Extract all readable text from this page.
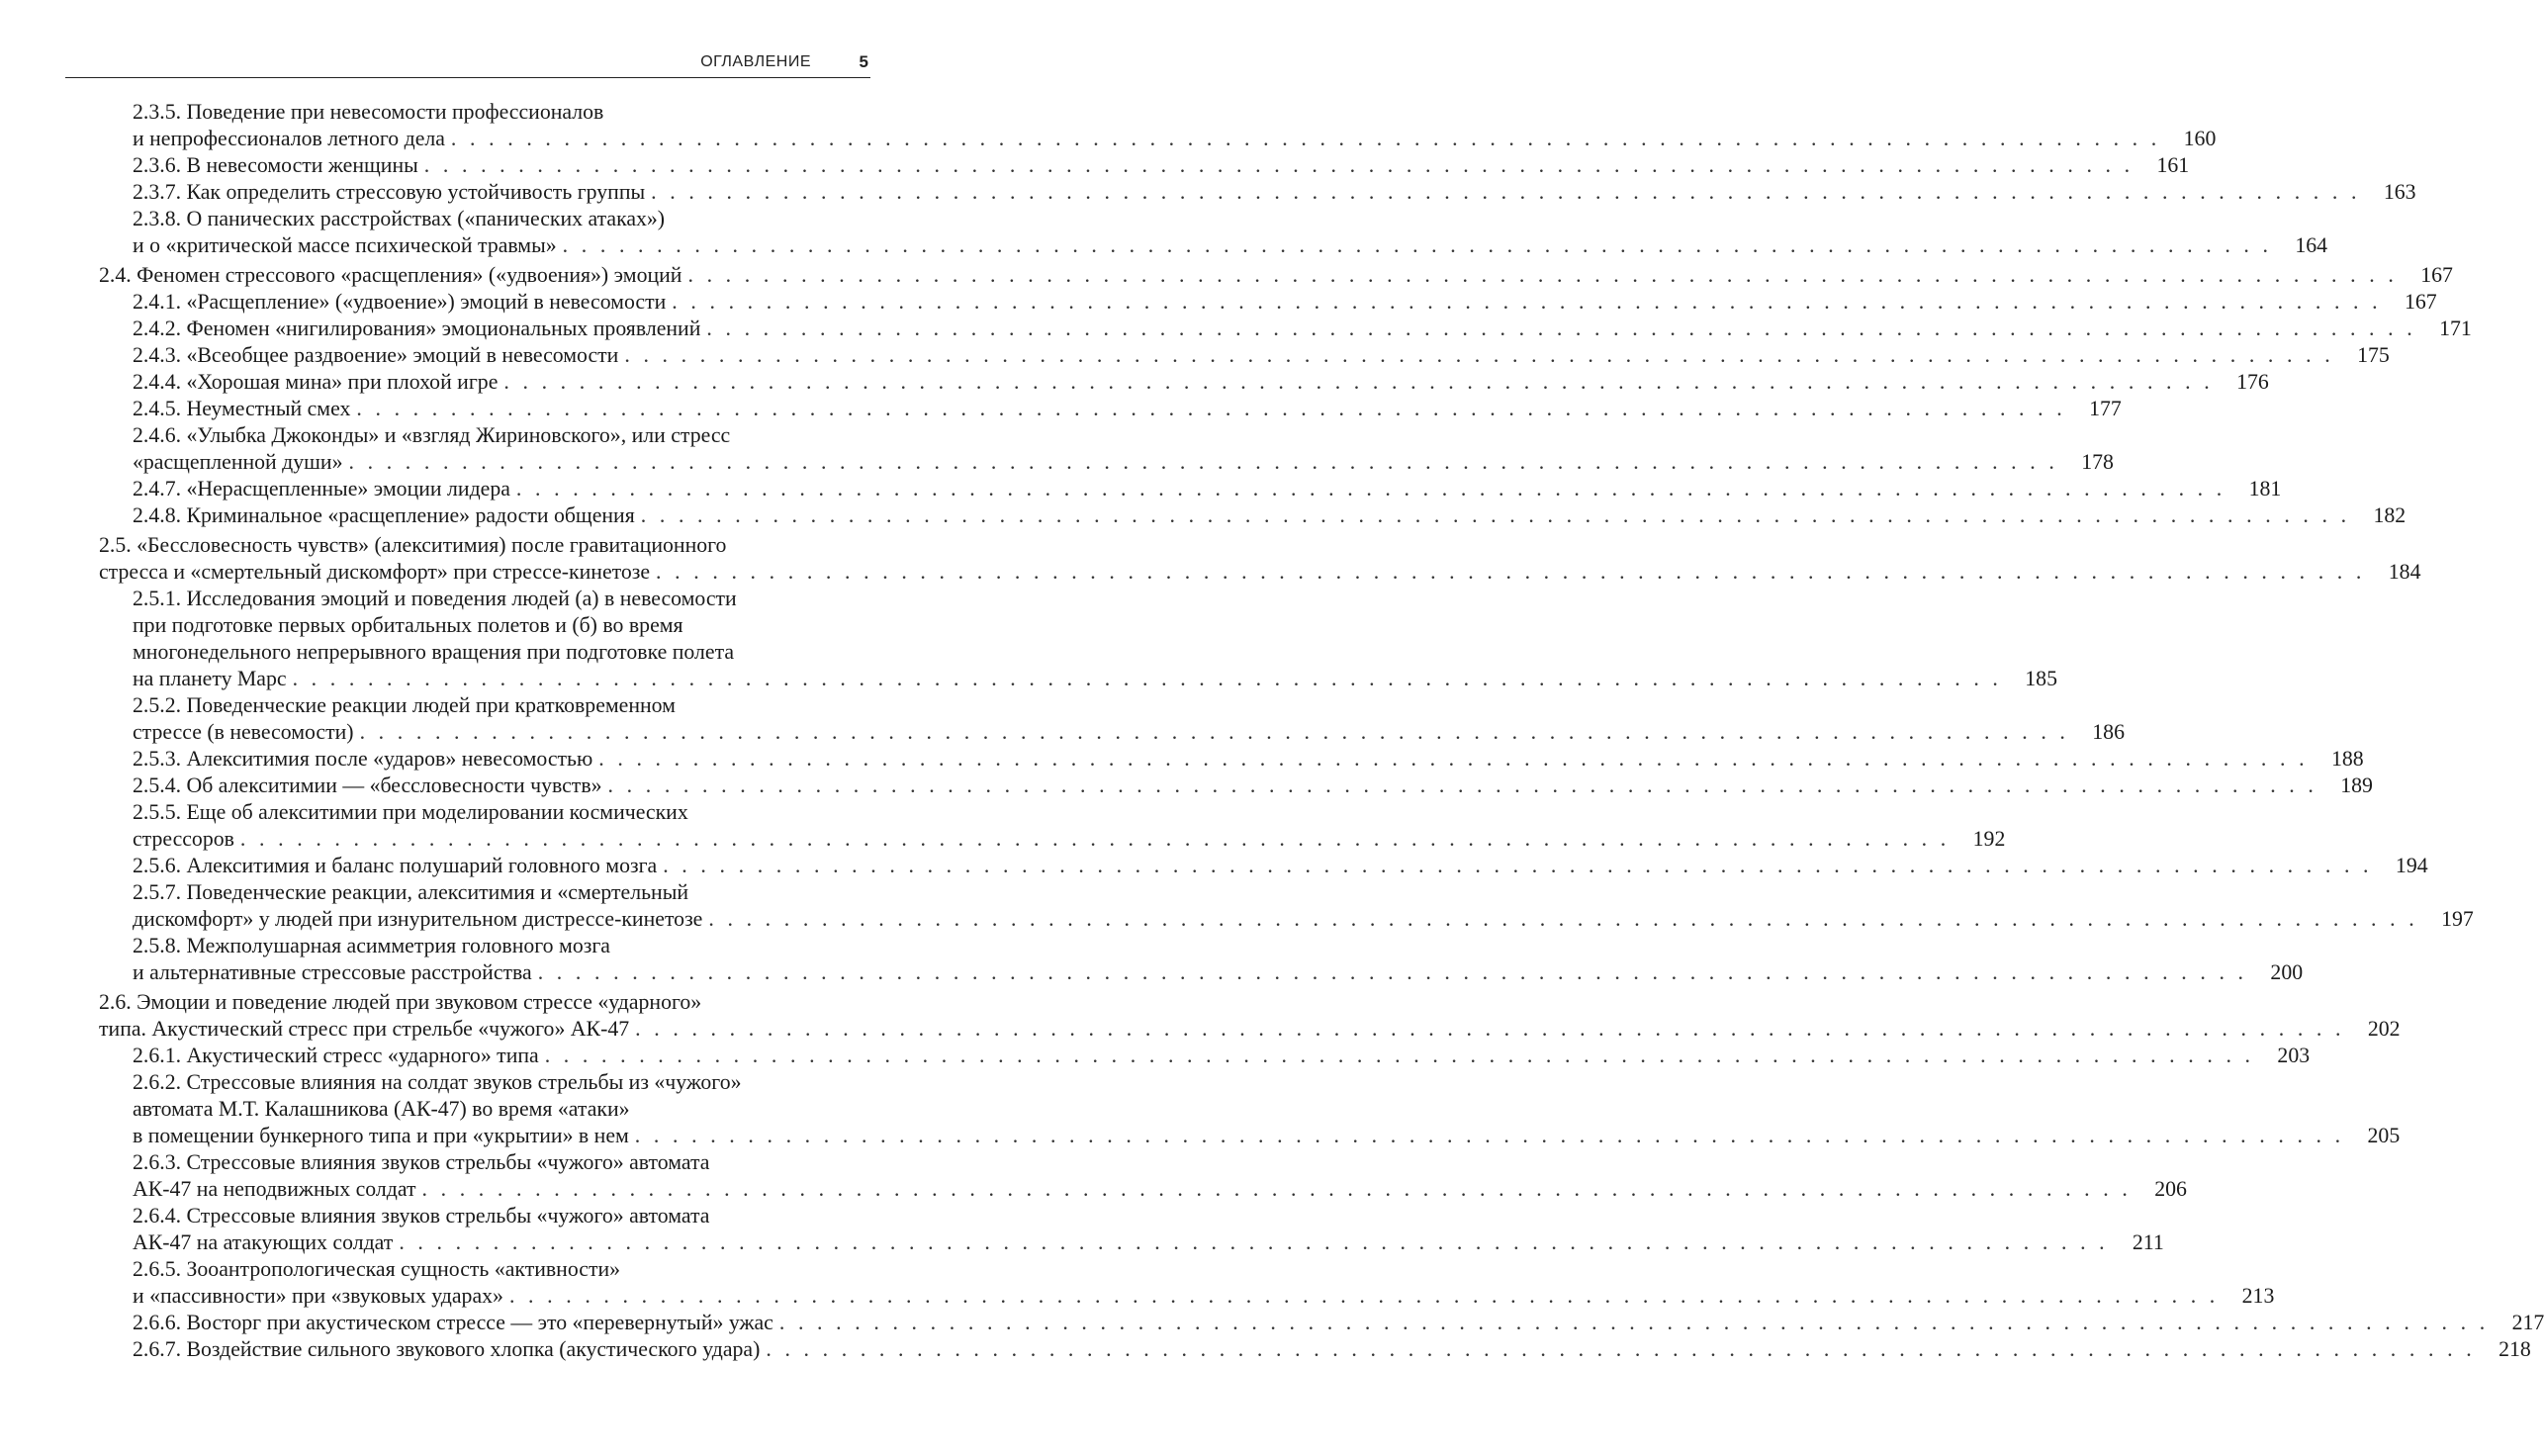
ОГЛАВЛЕНИЕ	5
2.3.5. Поведение при невесомости профессионалов
и непрофессионалов летного дела . . .	160
2.3.6. В невесомости женщины . . .	161
2.3.7. Как определить стрессовую устойчивость группы . . .	163
2.3.8. О панических расстройствах («панических атаках»)
и о «критической массе психической травмы» . . .	164
2.4. Феномен стрессового «расщепления» («удвоения») эмоций . . .	167
2.4.1. «Расщепление» («удвоение») эмоций в невесомости . . .	167
2.4.2. Феномен «нигилирования» эмоциональных проявлений . . .	171
2.4.3. «Всеобщее раздвоение» эмоций в невесомости . . .	175
2.4.4. «Хорошая мина» при плохой игре . . .	176
2.4.5. Неуместный смех . . .	177
2.4.6. «Улыбка Джоконды» и «взгляд Жириновского», или стресс
«расщепленной души» . . .	178
2.4.7. «Нерасщепленные» эмоции лидера . . .	181
2.4.8. Криминальное «расщепление» радости общения . . .	182
2.5. «Бессловесность чувств» (алекситимия) после гравитационного
стресса и «смертельный дискомфорт» при стрессе-кинетозе . . .	184
2.5.1. Исследования эмоций и поведения людей (а) в невесомости
при подготовке первых орбитальных полетов и (б) во время
многонедельного непрерывного вращения при подготовке полета
на планету Марс . . .	185
2.5.2. Поведенческие реакции людей при кратковременном
стрессе (в невесомости) . . .	186
2.5.3. Алекситимия после «ударов» невесомостью . . .	188
2.5.4. Об алекситимии — «бессловесности чувств» . . .	189
2.5.5. Еще об алекситимии при моделировании космических
стрессоров . . .	192
2.5.6. Алекситимия и баланс полушарий головного мозга . . .	194
2.5.7. Поведенческие реакции, алекситимия и «смертельный
дискомфорт» у людей при изнурительном дистрессе-кинетозе . . .	197
2.5.8. Межполушарная асимметрия головного мозга
и альтернативные стрессовые расстройства . . .	200
2.6. Эмоции и поведение людей при звуковом стрессе «ударного»
типа. Акустический стресс при стрельбе «чужого» АК-47 . . .	202
2.6.1. Акустический стресс «ударного» типа . . .	203
2.6.2. Стрессовые влияния на солдат звуков стрельбы из «чужого»
автомата М.Т. Калашникова (АК-47) во время «атаки»
в помещении бункерного типа и при «укрытии» в нем . . .	205
2.6.3. Стрессовые влияния звуков стрельбы «чужого» автомата
АК-47 на неподвижных солдат . . .	206
2.6.4. Стрессовые влияния звуков стрельбы «чужого» автомата
АК-47 на атакующих солдат . . .	211
2.6.5. Зооантропологическая сущность «активности»
и «пассивности» при «звуковых ударах» . . .	213
2.6.6. Восторг при акустическом стрессе — это «перевернутый» ужас . . .	217
2.6.7. Воздействие сильного звукового хлопка (акустического удара) . . .	218
